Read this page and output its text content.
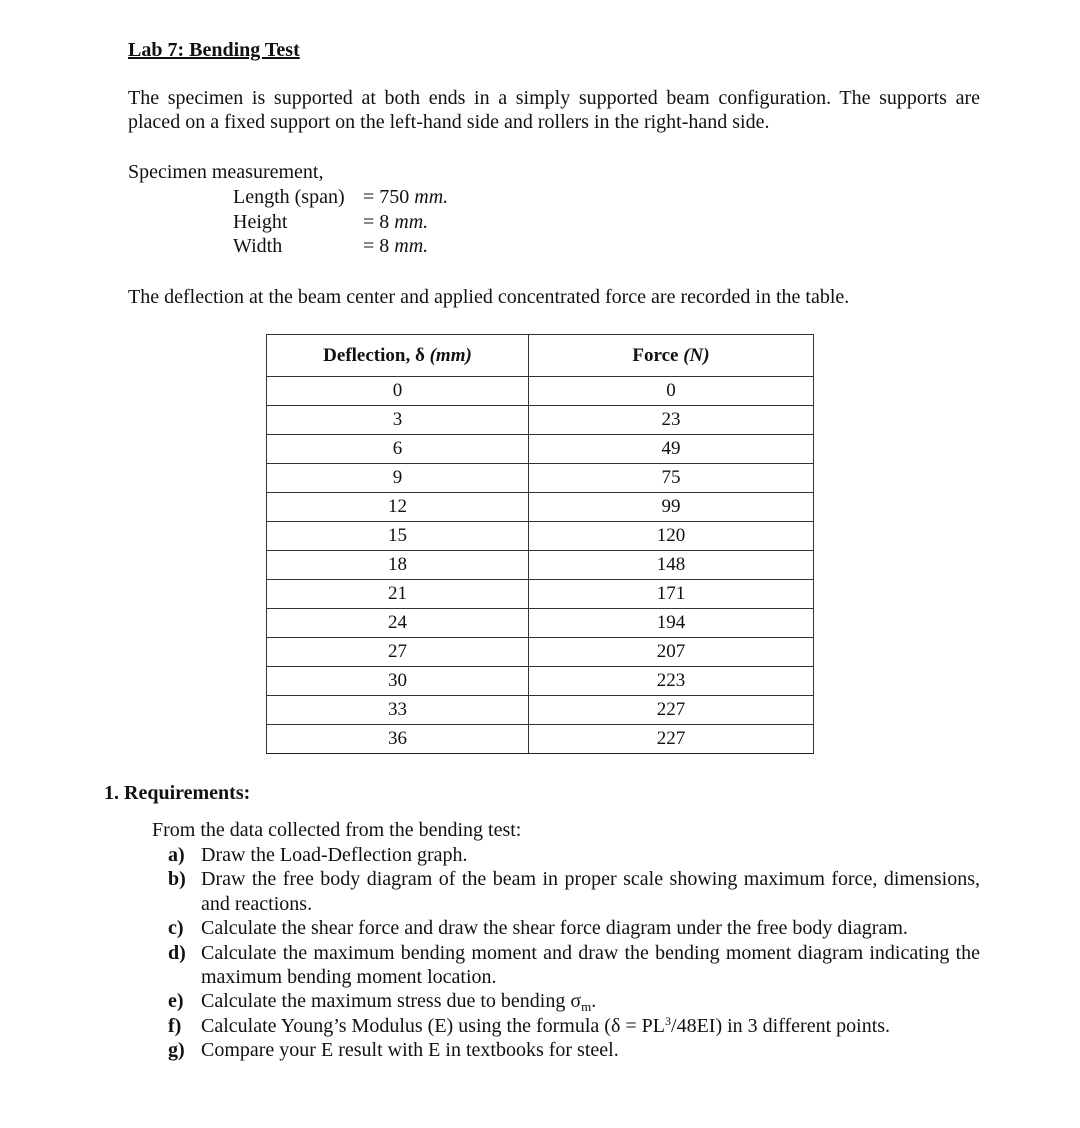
Lab 7: Bending Test
The specimen is supported at both ends in a simply supported beam configuration. The supports are placed on a fixed support on the left-hand side and rollers in the right-hand side.
Specimen measurement,
Length (span) = 750 mm.
Height	= 8 mm.
Width	= 8 mm.
The deflection at the beam center and applied concentrated force are recorded in the table.
Deflection, δ (mm)	Force (N)
0	0
3	23
6	49
9	75
12	99
15	120
18	148
21	171
24	194
27	207
30	223
33	227
36	227
1. Requirements:
From the data collected from the bending test:
a) Draw the Load-Deflection graph.
b) Draw the free body diagram of the beam in proper scale showing maximum force, dimensions, and reactions.
c) Calculate the shear force and draw the shear force diagram under the free body diagram.
d) Calculate the maximum bending moment and draw the bending moment diagram indicating the maximum bending moment location.
e) Calculate the maximum stress due to bending $\sigma_m$.
f) Calculate Young’s Modulus (E) using the formula $(\delta = PL^3/48EI)$ in 3 different points.
g) Compare your E result with E in textbooks for steel.
